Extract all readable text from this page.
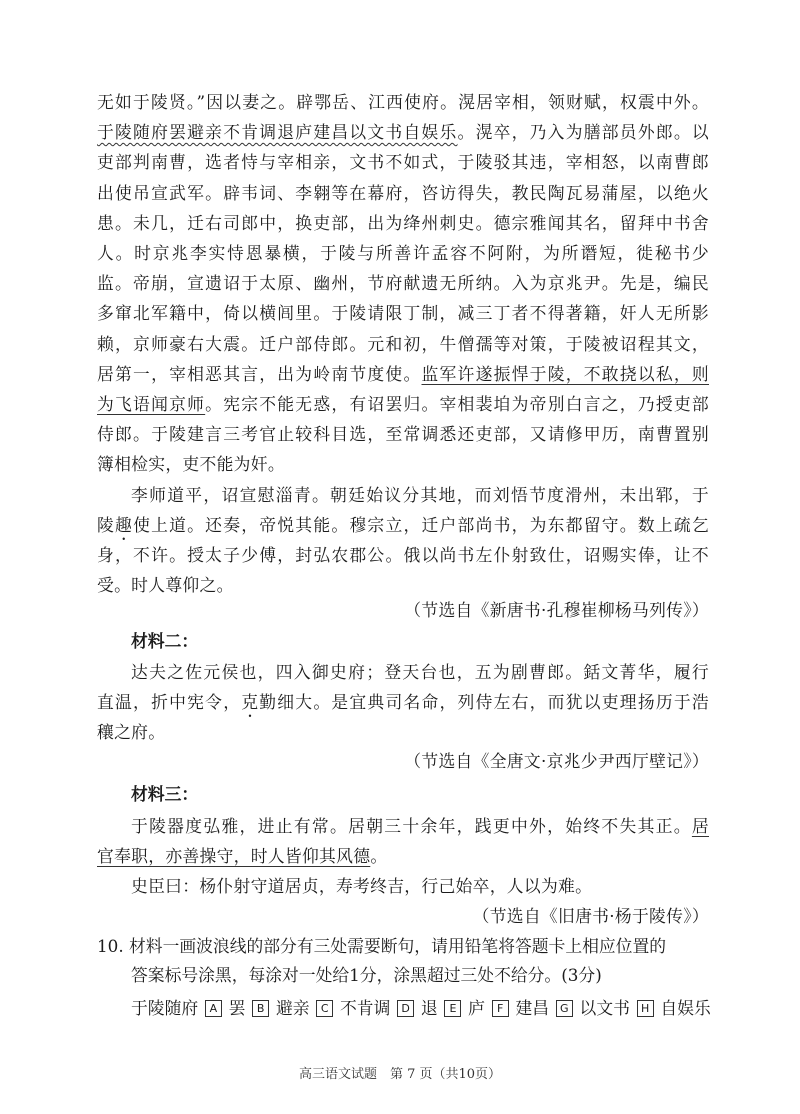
无如于陵贤。”因以妻之。辟鄂岳、江西使府。滉居宰相，领财赋，权震中外。
于陵随府罢避亲不肯调退庐建昌以文书自娱乐。滉卒，乃入为膳部员外郎。以
吏部判南曹，选者恃与宰相亲，文书不如式，于陵驳其违，宰相怒，以南曹郎
出使吊宣武军。辟韦词、李翱等在幕府，咨访得失，教民陶瓦易蒲屋，以绝火
患。未几，迁右司郎中，换吏部，出为绛州刺史。德宗雅闻其名，留拜中书舍
人。时京兆李实恃恩暴横，于陵与所善许孟容不阿附，为所谮短，徙秘书少
监。帝崩，宣遗诏于太原、幽州，节府献遗无所纳。入为京兆尹。先是，编民
多窜北军籍中，倚以横闾里。于陵请限丁制，减三丁者不得著籍，奸人无所影
赖，京师豪右大震。迁户部侍郎。元和初，牛僧孺等对策，于陵被诏程其文，
居第一，宰相恶其言，出为岭南节度使。监军许遂振悍于陵，不敢挠以私，则
为飞语闻京师。宪宗不能无惑，有诏罢归。宰相裴垍为帝別白言之，乃授吏部
侍郎。于陵建言三考官止较科目选，至常调悉还吏部，又请修甲历，南曹置别
簿相检实，吏不能为奸。
李师道平，诏宣慰淄青。朝廷始议分其地，而刘悟节度滑州，未出郓，于
陵趣使上道。还奏，帝悦其能。穆宗立，迁户部尚书，为东都留守。数上疏乞
身，不许。授太子少傅，封弘农郡公。俄以尚书左仆射致仕，诏赐实俸，让不
受。时人尊仰之。
（节选自《新唐书·孔穆崔柳杨马列传》）
材料二：
达夫之佐元侯也，四入御史府；登天台也，五为剧曹郎。銛文菁华，履行
直温，折中宪令，克勤细大。是宜典司名命，列侍左右，而犹以吏理扬历于浩
穰之府。
（节选自《全唐文·京兆少尹西厅壁记》）
材料三：
于陵器度弘雅，进止有常。居朝三十余年，践更中外，始终不失其正。居
官奉职，亦善操守，时人皆仰其风德。
史臣曰：杨仆射守道居贞，寿考终吉，行己始卒，人以为难。
（节选自《旧唐书·杨于陵传》）
10. 材料一画波浪线的部分有三处需要断句，请用铅笔将答题卡上相应位置的
答案标号涂黑，每涂对一处给1分，涂黑超过三处不给分。(3分)
于陵随府	A 罢	B 避亲	C 不肯调	D 退	E 庐	F 建昌 G 以文书	H 自娱乐
高三语文试题　第 7 页（共10页）
